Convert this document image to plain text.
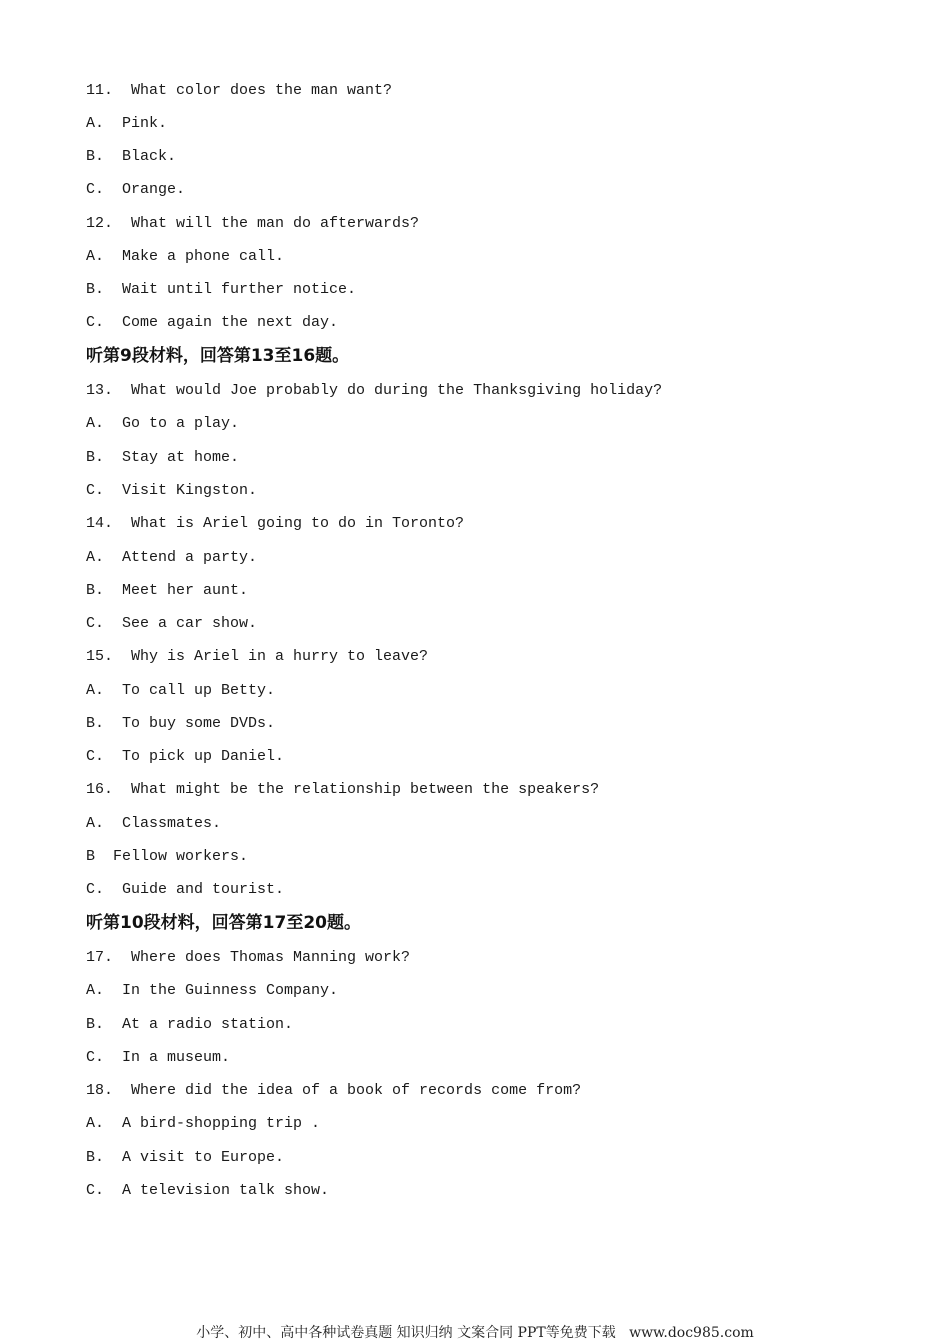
11.  What color does the man want?
A.  Pink.
B.  Black.
C.  Orange.
12.  What will the man do afterwards?
A.  Make a phone call.
B.  Wait until further notice.
C.  Come again the next day.
听第9段材料，回答第13至16题。
13.  What would Joe probably do during the Thanksgiving holiday?
A.  Go to a play.
B.  Stay at home.
C.  Visit Kingston.
14.  What is Ariel going to do in Toronto?
A.  Attend a party.
B.  Meet her aunt.
C.  See a car show.
15.  Why is Ariel in a hurry to leave?
A.  To call up Betty.
B.  To buy some DVDs.
C.  To pick up Daniel.
16.  What might be the relationship between the speakers?
A.  Classmates.
B  Fellow workers.
C.  Guide and tourist.
听第10段材料，回答第17至20题。
17.  Where does Thomas Manning work?
A.  In the Guinness Company.
B.  At a radio station.
C.  In a museum.
18.  Where did the idea of a book of records come from?
A.  A bird-shopping trip .
B.  A visit to Europe.
C.  A television talk show.
小学、初中、高中各种试卷真题 知识归纳 文案合同 PPT等免费下载   www.doc985.com
